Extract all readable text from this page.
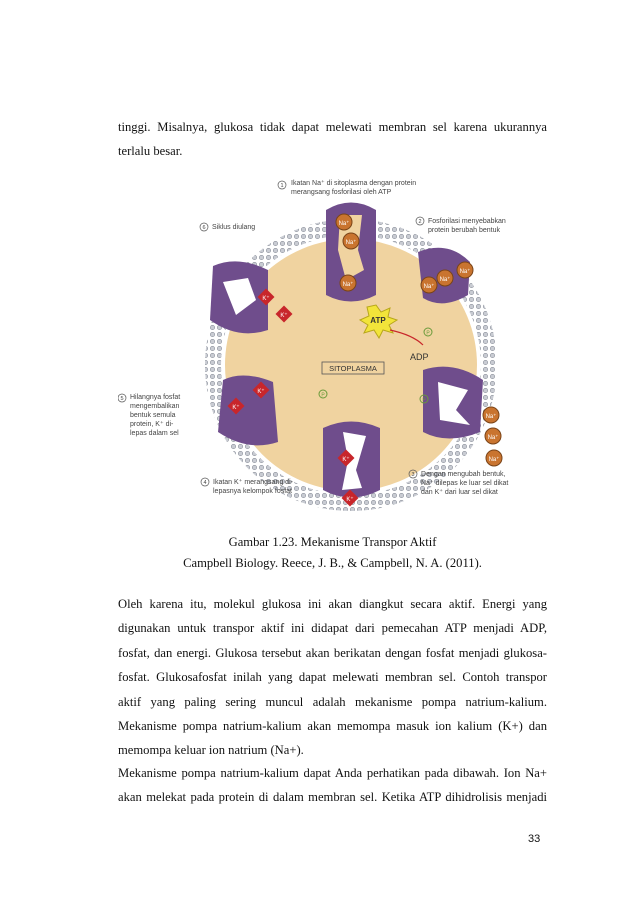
tinggi. Misalnya, glukosa tidak dapat melewati membran sel karena ukurannya
terlalu besar.
Na⁺
Na⁺
Na⁺	Na⁺
Na⁺
Na⁺
Na⁺
Na⁺
Na⁺
K⁺
K⁺
K⁺
K⁺
K⁺
K⁺
ATP
ADP
P
P
P
SITOPLASMA
1 Ikatan Na⁺ di sitoplasma dengan protein
merangsang fosforilasi oleh ATP
2 Fosforilasi menyebabkan
protein berubah bentuk
3 Dengan mengubah bentuk,
Na⁺ dilepas ke luar sel dikat
dan K⁺ dari luar sel dikat
4 Ikatan K⁺ merangsang di-
lepasnya kelompok fosfat
5 Hilangnya fosfat
mengembalikan
bentuk semula
protein, K⁺ di-
lepas dalam sel
6 Siklus diulang
Gambar 1.23. Mekanisme Transpor Aktif
Campbell Biology. Reece, J. B., & Campbell, N. A. (2011).
Oleh karena itu, molekul glukosa ini akan diangkut secara aktif. Energi yang
digunakan untuk transpor aktif ini didapat dari pemecahan ATP menjadi ADP,
fosfat, dan energi. Glukosa tersebut akan berikatan dengan fosfat menjadi glukosa-
fosfat. Glukosafosfat inilah yang dapat melewati membran sel. Contoh transpor
aktif yang paling sering muncul adalah mekanisme pompa natrium-kalium.
Mekanisme pompa natrium-kalium akan memompa masuk ion kalium (K+) dan
memompa keluar ion natrium (Na+).
Mekanisme pompa natrium-kalium dapat Anda perhatikan pada dibawah. Ion Na+
akan melekat pada protein di dalam membran sel. Ketika ATP dihidrolisis menjadi
33
